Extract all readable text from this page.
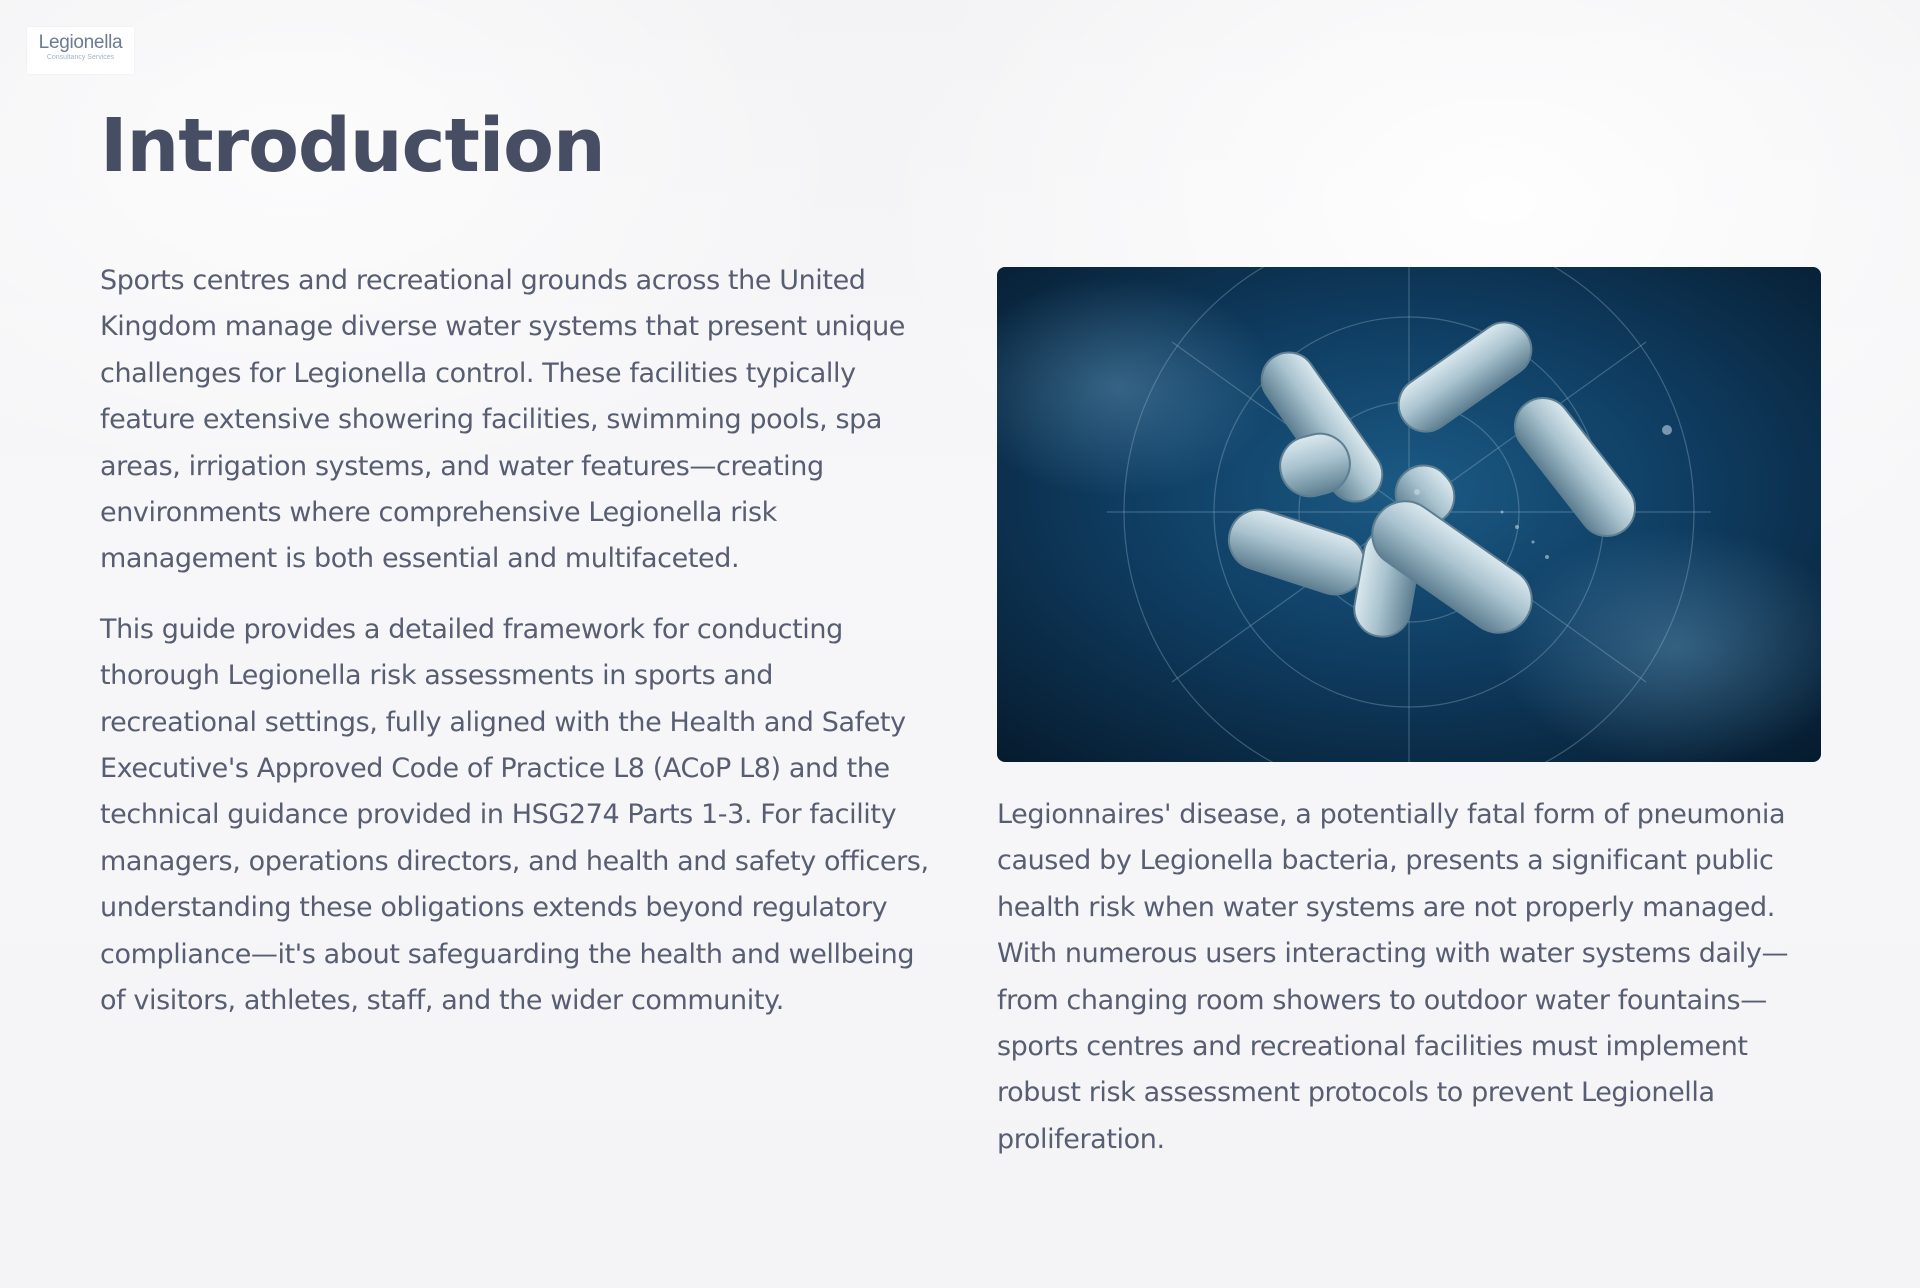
Legionella
Consultancy Services
Introduction

Sports centres and recreational grounds across the United Kingdom manage diverse water systems that present unique challenges for Legionella control. These facilities typically feature extensive showering facilities, swimming pools, spa areas, irrigation systems, and water features—creating environments where comprehensive Legionella risk management is both essential and multifaceted.

This guide provides a detailed framework for conducting thorough Legionella risk assessments in sports and recreational settings, fully aligned with the Health and Safety Executive's Approved Code of Practice L8 (ACoP L8) and the technical guidance provided in HSG274 Parts 1-3. For facility managers, operations directors, and health and safety officers, understanding these obligations extends beyond regulatory compliance—it's about safeguarding the health and wellbeing of visitors, athletes, staff, and the wider community.

Legionnaires' disease, a potentially fatal form of pneumonia caused by Legionella bacteria, presents a significant public health risk when water systems are not properly managed. With numerous users interacting with water systems daily—from changing room showers to outdoor water fountains—sports centres and recreational facilities must implement robust risk assessment protocols to prevent Legionella proliferation.
